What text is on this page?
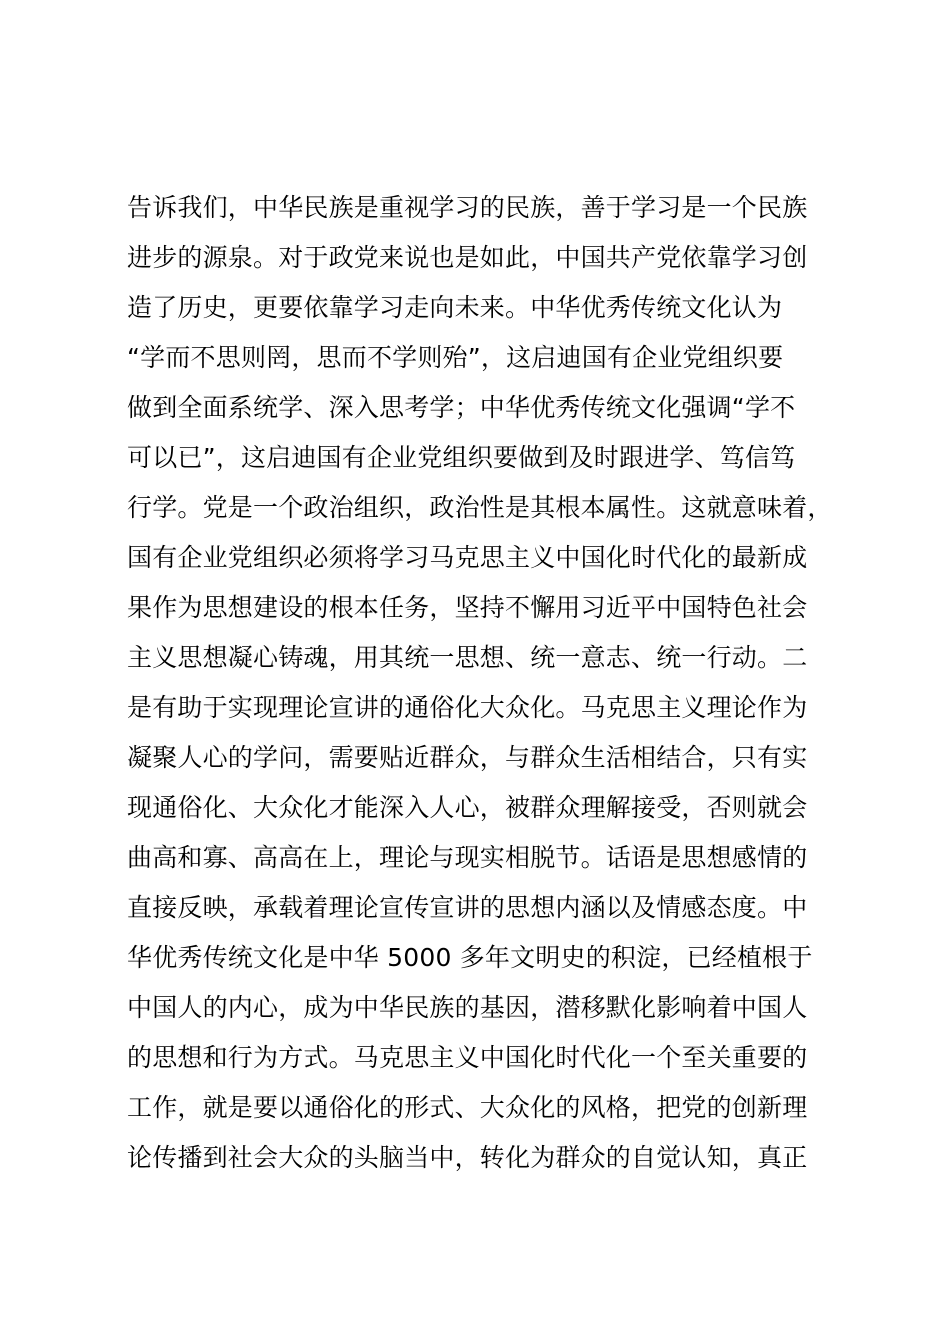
告诉我们，中华民族是重视学习的民族，善于学习是一个民族
进步的源泉。对于政党来说也是如此，中国共产党依靠学习创
造了历史，更要依靠学习走向未来。中华优秀传统文化认为
“学而不思则罔，思而不学则殆”，这启迪国有企业党组织要
做到全面系统学、深入思考学；中华优秀传统文化强调“学不
可以已”，这启迪国有企业党组织要做到及时跟进学、笃信笃
行学。党是一个政治组织，政治性是其根本属性。这就意味着，
国有企业党组织必须将学习马克思主义中国化时代化的最新成
果作为思想建设的根本任务，坚持不懈用习近平中国特色社会
主义思想凝心铸魂，用其统一思想、统一意志、统一行动。二
是有助于实现理论宣讲的通俗化大众化。马克思主义理论作为
凝聚人心的学问，需要贴近群众，与群众生活相结合，只有实
现通俗化、大众化才能深入人心，被群众理解接受，否则就会
曲高和寡、高高在上，理论与现实相脱节。话语是思想感情的
直接反映，承载着理论宣传宣讲的思想内涵以及情感态度。中
华优秀传统文化是中华 5000 多年文明史的积淀，已经植根于
中国人的内心，成为中华民族的基因，潜移默化影响着中国人
的思想和行为方式。马克思主义中国化时代化一个至关重要的
工作，就是要以通俗化的形式、大众化的风格，把党的创新理
论传播到社会大众的头脑当中，转化为群众的自觉认知，真正
